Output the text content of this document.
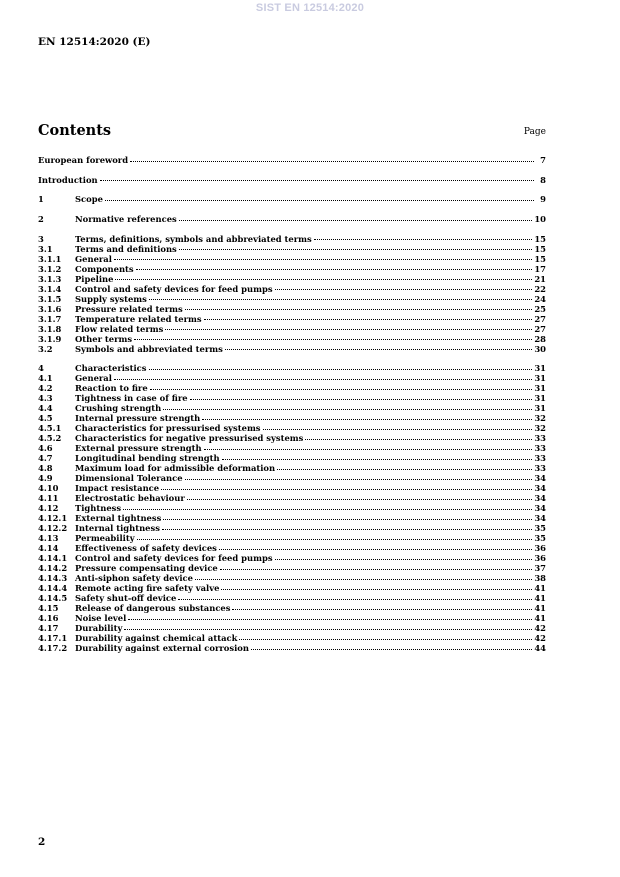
SIST EN 12514:2020
EN 12514:2020 (E)
Contents	Page
European foreword	7
Introduction	8
1	Scope	9
2	Normative references	10
3	Terms, definitions, symbols and abbreviated terms	15
3.1	Terms and definitions	15
3.1.1	General	15
3.1.2	Components	17
3.1.3	Pipeline	21
3.1.4	Control and safety devices for feed pumps	22
3.1.5	Supply systems	24
3.1.6	Pressure related terms	25
3.1.7	Temperature related terms	27
3.1.8	Flow related terms	27
3.1.9	Other terms	28
3.2	Symbols and abbreviated terms	30
4	Characteristics	31
4.1	General	31
4.2	Reaction to fire	31
4.3	Tightness in case of fire	31
4.4	Crushing strength	31
4.5	Internal pressure strength	32
4.5.1	Characteristics for pressurised systems	32
4.5.2	Characteristics for negative pressurised systems	33
4.6	External pressure strength	33
4.7	Longitudinal bending strength	33
4.8	Maximum load for admissible deformation	33
4.9	Dimensional Tolerance	34
4.10	Impact resistance	34
4.11	Electrostatic behaviour	34
4.12	Tightness	34
4.12.1 External tightness	34
4.12.2 Internal tightness	35
4.13	Permeability	35
4.14	Effectiveness of safety devices	36
4.14.1 Control and safety devices for feed pumps	36
4.14.2 Pressure compensating device	37
4.14.3 Anti-siphon safety device	38
4.14.4 Remote acting fire safety valve	41
4.14.5 Safety shut-off device	41
4.15	Release of dangerous substances	41
4.16	Noise level	41
4.17	Durability	42
4.17.1 Durability against chemical attack	42
4.17.2 Durability against external corrosion	44
2
